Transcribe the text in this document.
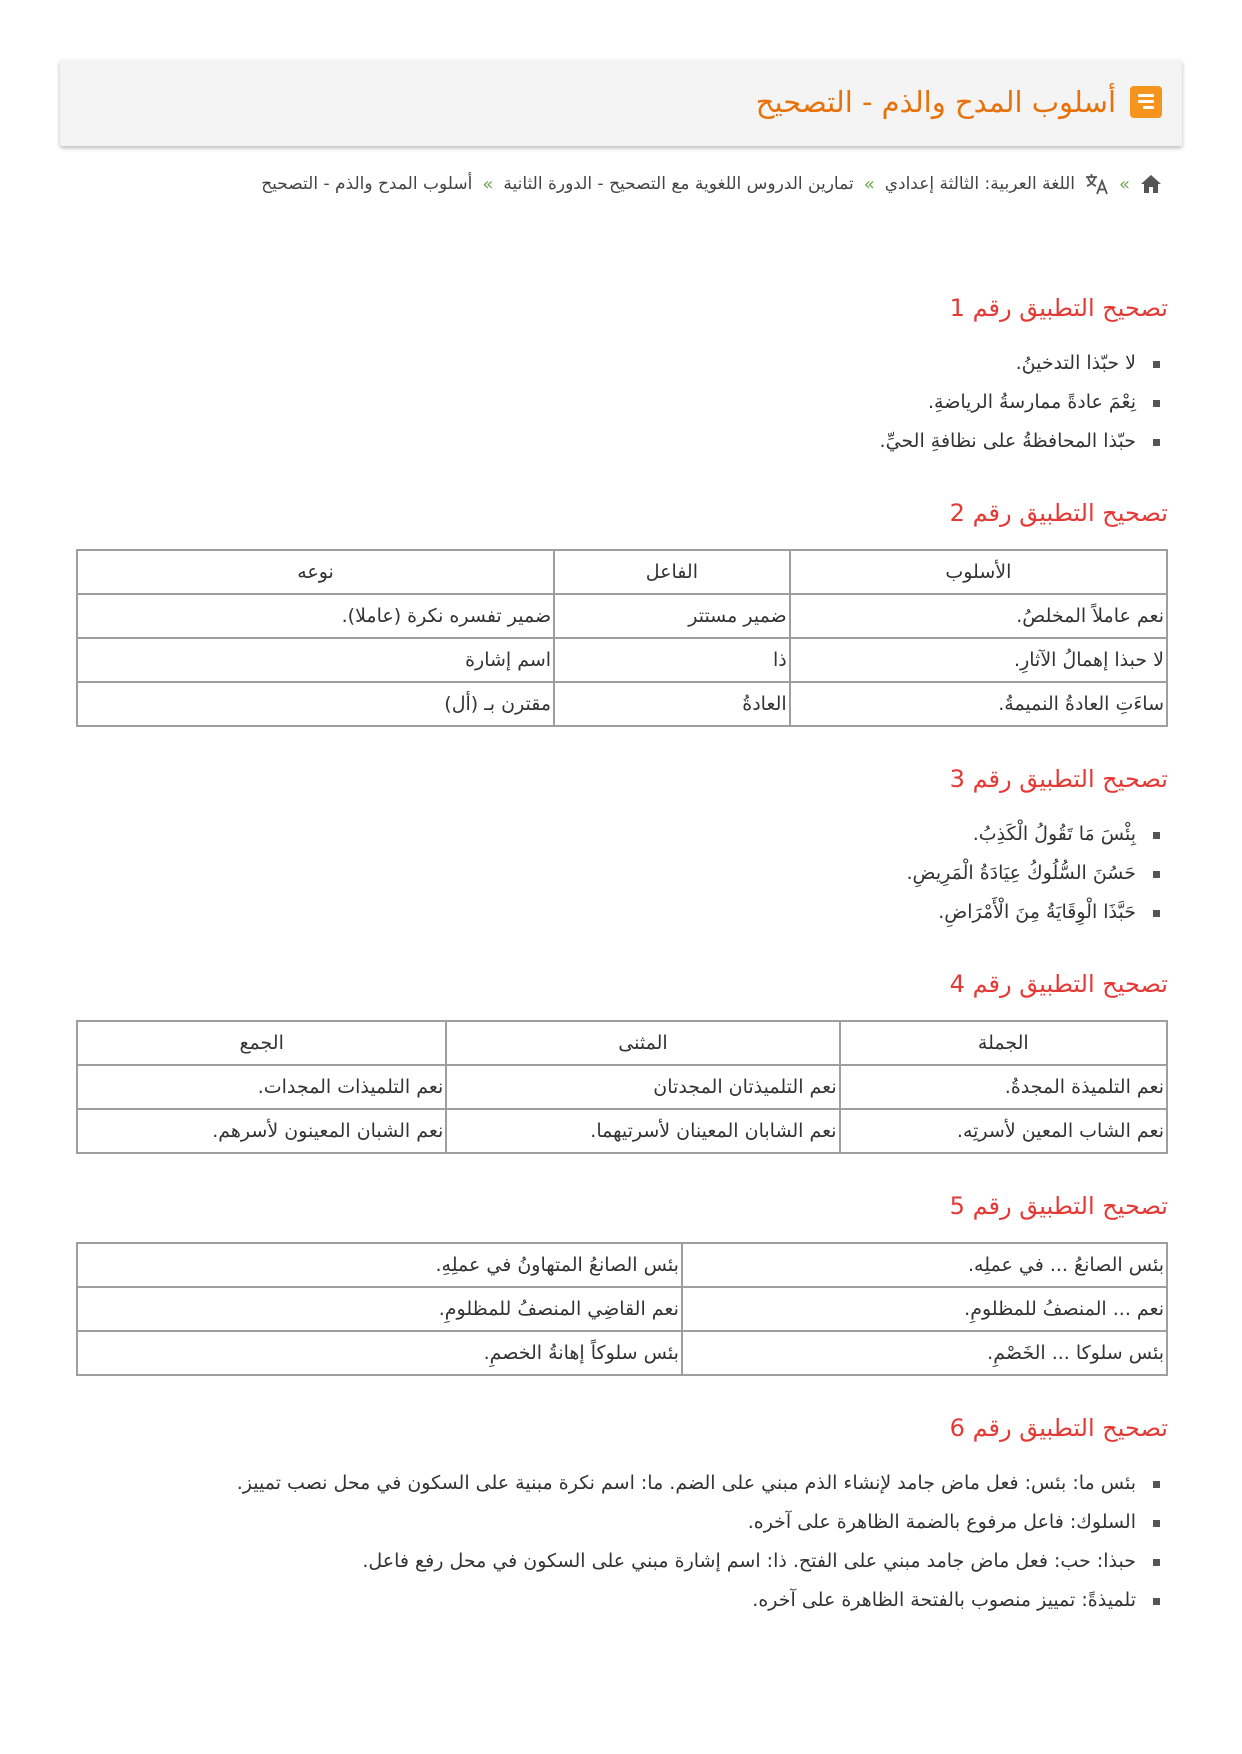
أسلوب المدح والذم - التصحيح
»
اللغة العربية: الثالثة إعدادي
»
تمارين الدروس اللغوية مع التصحيح - الدورة الثانية
»
أسلوب المدح والذم - التصحيح
تصحيح التطبيق رقم 1
لا حبّذا التدخينُ.
نِعْمَ عادةً ممارسةُ الرياضةِ.
حبّذا المحافظةُ على نظافةِ الحيِّ.
تصحيح التطبيق رقم 2
الأسلوب	الفاعل	نوعه
نعم عاملاً المخلصُ.	ضمير مستتر	ضمير تفسره نكرة (عاملا).
لا حبذا إهمالُ الآثارِ.	ذا	اسم إشارة
ساءَتِ العادةُ النميمةُ.	العادةُ	مقترن بـ (أل)
تصحيح التطبيق رقم 3
بِئْسَ مَا تَقُولُ الْكَذِبُ.
حَسُنَ السُّلُوكُ عِيَادَةُ الْمَرِيضِ.
حَبَّذَا الْوِقَايَةُ مِنَ الْأَمْرَاضِ.
تصحيح التطبيق رقم 4
الجملة	المثنى	الجمع
نعم التلميذة المجدةُ.	نعم التلميذتان المجدتان	نعم التلميذات المجدات.
نعم الشاب المعين لأسرتِه.	نعم الشابان المعينان لأسرتيهما.	نعم الشبان المعينون لأسرهم.
تصحيح التطبيق رقم 5
بئس الصانعُ ... في عملِه.	بئس الصانعُ المتهاونُ في عملِهِ.
نعم ... المنصفُ للمظلومِ.	نعم القاضِي المنصفُ للمظلومِ.
بئس سلوكا ... الخَصْمِ.	بئس سلوكاً إهانةُ الخصمِ.
تصحيح التطبيق رقم 6
بئس ما: بئس: فعل ماض جامد لإنشاء الذم مبني على الضم. ما: اسم نكرة مبنية على السكون في محل نصب تمييز.
السلوك: فاعل مرفوع بالضمة الظاهرة على آخره.
حبذا: حب: فعل ماض جامد مبني على الفتح. ذا: اسم إشارة مبني على السكون في محل رفع فاعل.
تلميذةً: تمييز منصوب بالفتحة الظاهرة على آخره.
